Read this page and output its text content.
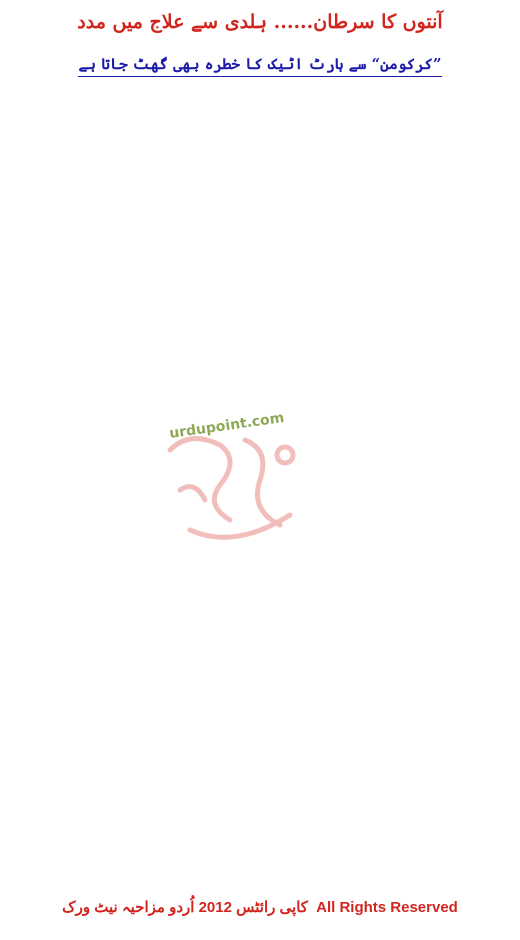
آنتوں کا سرطان...... ہلدی سے علاج میں مدد
”کرکومن“ سے ہارٹ اٹیک کا خطرہ بھی گھٹ جاتا ہے
urdupoint.com
کاپی رائٹس 2012 اُردو مزاحیہ نیٹ ورک All Rights Reserved
